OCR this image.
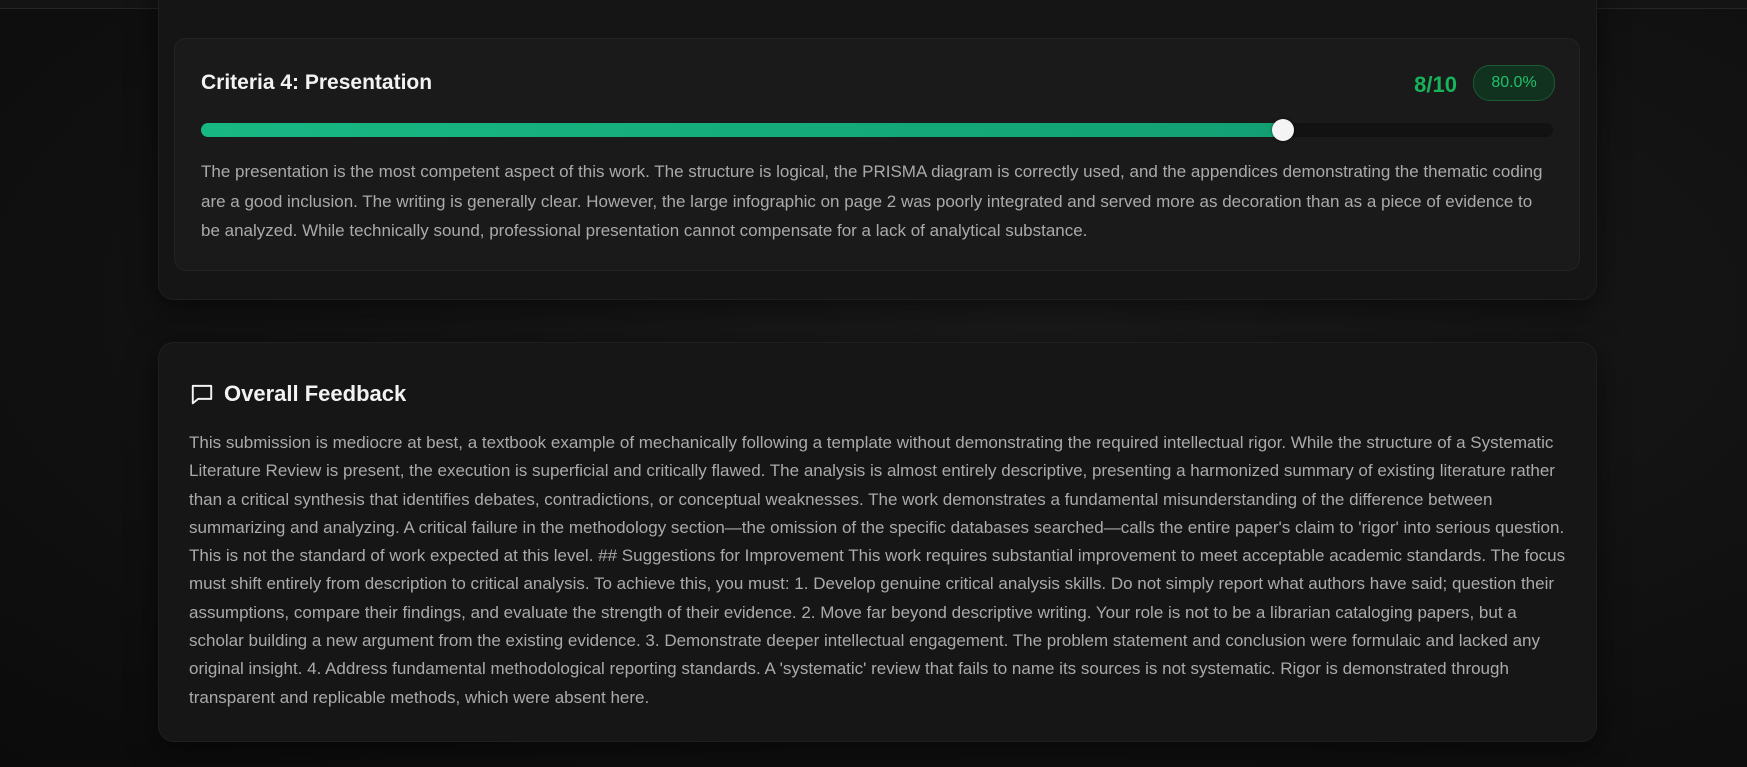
Criteria 4: Presentation	8/10	80.0%

The presentation is the most competent aspect of this work. The structure is logical, the PRISMA diagram is correctly used, and the appendices demonstrating the thematic coding are a good inclusion. The writing is generally clear. However, the large infographic on page 2 was poorly integrated and served more as decoration than as a piece of evidence to be analyzed. While technically sound, professional presentation cannot compensate for a lack of analytical substance.

Overall Feedback

This submission is mediocre at best, a textbook example of mechanically following a template without demonstrating the required intellectual rigor. While the structure of a Systematic Literature Review is present, the execution is superficial and critically flawed. The analysis is almost entirely descriptive, presenting a harmonized summary of existing literature rather than a critical synthesis that identifies debates, contradictions, or conceptual weaknesses. The work demonstrates a fundamental misunderstanding of the difference between summarizing and analyzing. A critical failure in the methodology section—the omission of the specific databases searched—calls the entire paper's claim to 'rigor' into serious question. This is not the standard of work expected at this level. ## Suggestions for Improvement This work requires substantial improvement to meet acceptable academic standards. The focus must shift entirely from description to critical analysis. To achieve this, you must: 1. Develop genuine critical analysis skills. Do not simply report what authors have said; question their assumptions, compare their findings, and evaluate the strength of their evidence. 2. Move far beyond descriptive writing. Your role is not to be a librarian cataloging papers, but a scholar building a new argument from the existing evidence. 3. Demonstrate deeper intellectual engagement. The problem statement and conclusion were formulaic and lacked any original insight. 4. Address fundamental methodological reporting standards. A 'systematic' review that fails to name its sources is not systematic. Rigor is demonstrated through transparent and replicable methods, which were absent here.
